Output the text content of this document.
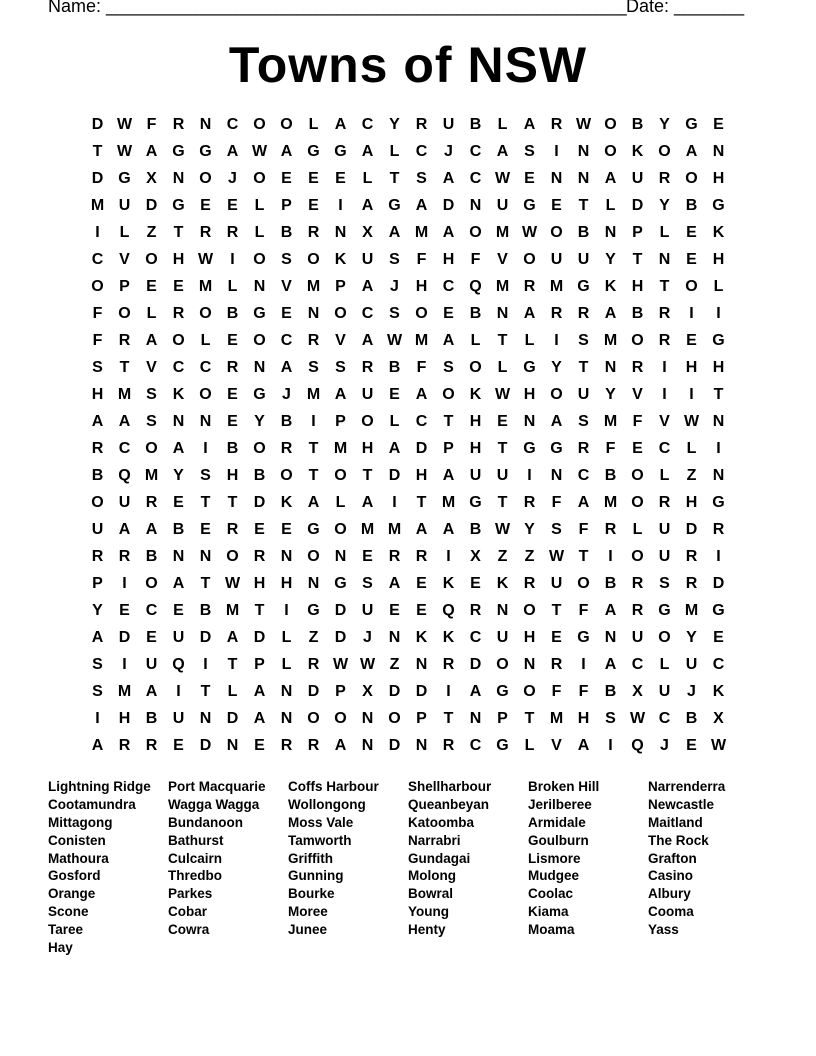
Name: ____________________________________________________ Date: _______
Towns of NSW
D W F	R N C O O L	A C Y R U B	L	A R W O B Y G E
T W A G G A W A G G A	L	C	J	C A S	I	N O K O A N
D G X N O	J	O E	E	E	L	T	S A C W E N N A U R O H
M U D G E	E	L	P	E	I	A G A D N U G E	T	L	D Y B G
I	L	Z	T	R R	L	B R N X A M A O M W O B N P	L	E K
C V O H W	I	O S O K U S	F	H	F	V O U U Y	T	N E H
O P	E	E M L	N V M P A	J	H C Q M R M G K H	T O L
F O L	R O B G E N O C S O E B N A R R A B R	I	I
F	R A O L	E O C R V A W M A	L	T	L	I	S M O R E G
S	T	V C C R N A S	S R B	F	S O L G Y	T	N R	I	H H
H M S K O E G	J M A U E A O K W H O U Y	V	I	I	T
A A S N N E	Y B	I	P O L	C	T	H E N A S M F	V W N
R C O A	I	B O R	T M H A D P H	T G G R	F	E C	L	I
B Q M Y	S H B O T O T	D H A U U	I	N C B O L	Z	N
O U R E	T	T	D K A	L	A	I	T M G T	R	F	A M O R H G
U A A B E R E	E G O M M A A B W Y	S	F	R	L	U D R
R R B N N O R N O N E R R	I	X	Z	Z W T	I	O U R	I
P	I	O A	T W H H N G S A E K E K R U O B R S R D
Y	E C E B M T	I	G D U E	E Q R N O T	F	A R G M G
A D E U D A D	L	Z	D	J	N K K C U H E G N U O Y	E
S	I	U Q	I	T	P	L	R W W Z	N R D O N R	I	A C	L	U C
S M A	I	T	L	A N D P	X D D	I	A G O F	F	B X U	J	K
I	H B U N D A N O O N O P	T	N P	T M H S W C B X
A R R E D N E R R A N D N R C G L	V A	I	Q	J	E W
Lightning Ridge	Port Macquarie	Coffs Harbour	Shellharbour	Broken Hill	Narrenderra
Cootamundra	Wagga Wagga	Wollongong	Queanbeyan	Jerilberee	Newcastle
Mittagong	Bundanoon	Moss Vale	Katoomba	Armidale	Maitland
Conisten	Bathurst	Tamworth	Narrabri	Goulburn	The Rock
Mathoura	Culcairn	Griffith	Gundagai	Lismore	Grafton
Gosford	Thredbo	Gunning	Molong	Mudgee	Casino
Orange	Parkes	Bourke	Bowral	Coolac	Albury
Scone	Cobar	Moree	Young	Kiama	Cooma
Taree	Cowra	Junee	Henty	Moama	Yass
Hay
